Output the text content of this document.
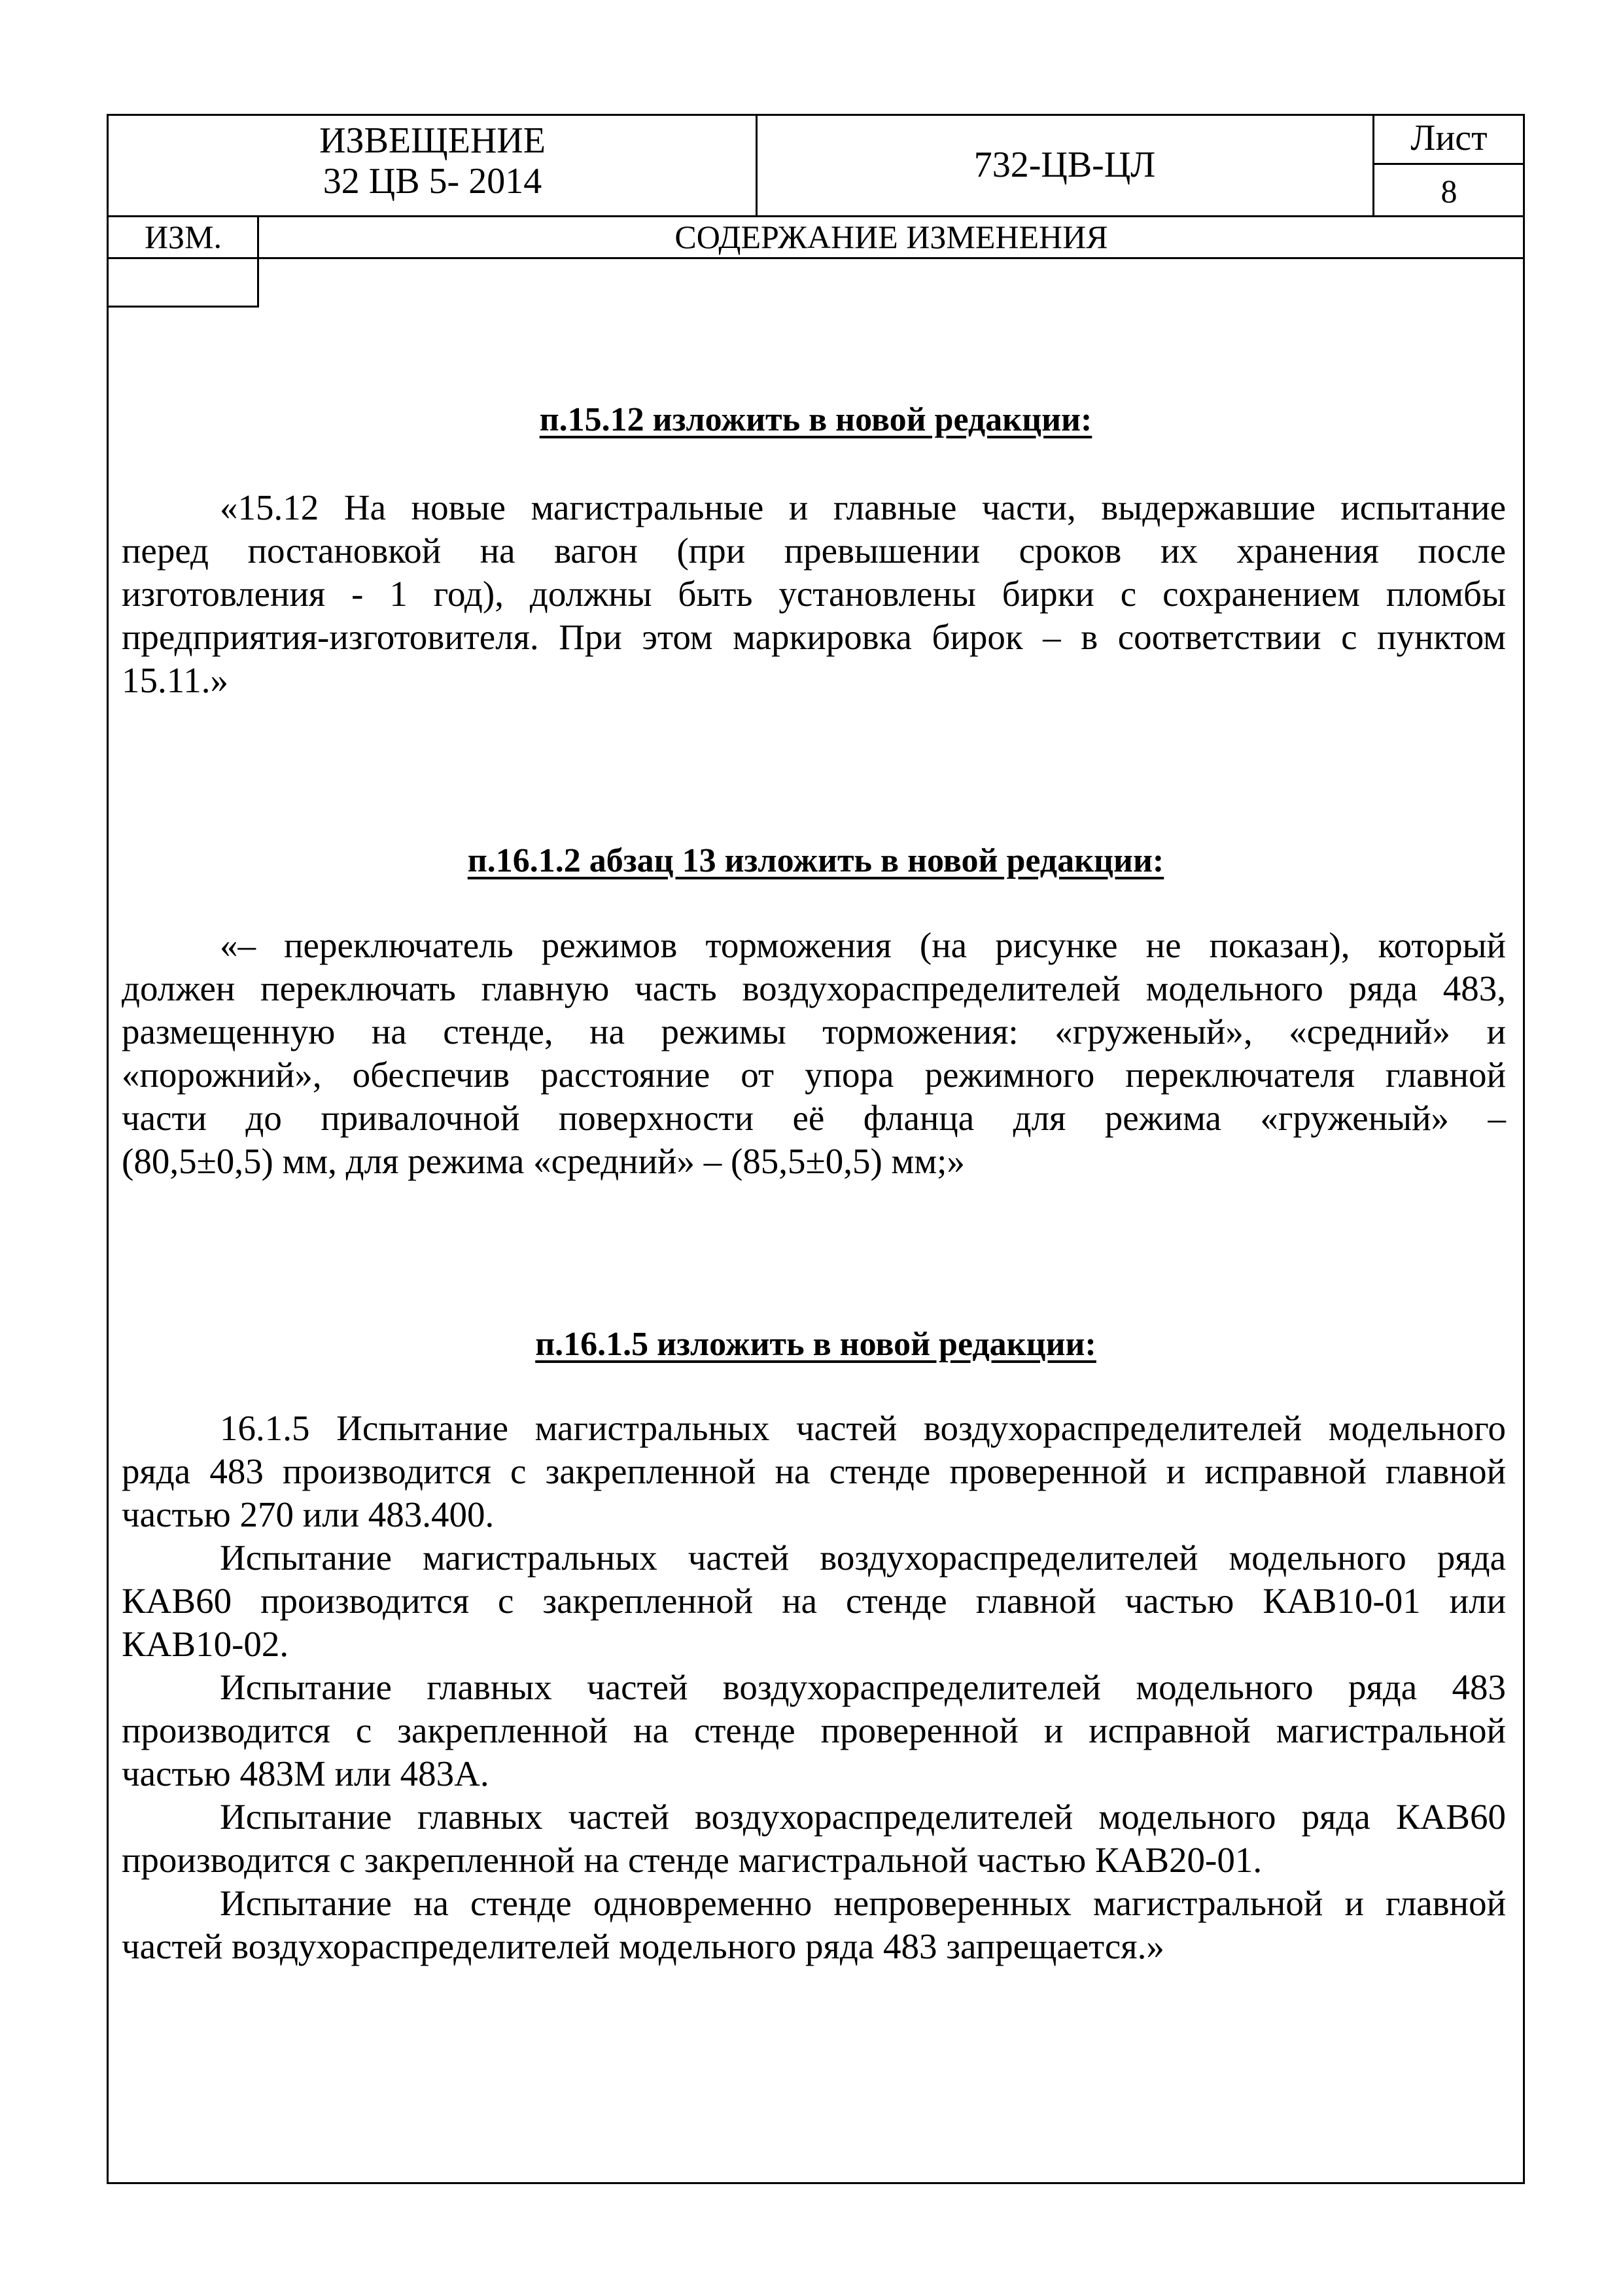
ИЗВЕЩЕНИЕ
32 ЦВ 5- 2014	732-ЦВ-ЦЛ
Лист
8
ИЗМ.	СОДЕРЖАНИЕ ИЗМЕНЕНИЯ
п.15.12 изложить в новой редакции:
«15.12 На новые магистральные и главные части, выдержавшие испытание
перед постановкой на вагон (при превышении сроков их хранения после
изготовления - 1 год), должны быть установлены бирки с сохранением пломбы
предприятия-изготовителя. При этом маркировка бирок – в соответствии с пунктом
15.11.»
п.16.1.2 абзац 13 изложить в новой редакции:
«– переключатель режимов торможения (на рисунке не показан), который
должен переключать главную часть воздухораспределителей модельного ряда 483,
размещенную на стенде, на режимы торможения: «груженый», «средний» и
«порожний», обеспечив расстояние от упора режимного переключателя главной
части до привалочной поверхности её фланца для режима «груженый» –
(80,5±0,5) мм, для режима «средний» – (85,5±0,5) мм;»
п.16.1.5 изложить в новой редакции:
16.1.5 Испытание магистральных частей воздухораспределителей модельного
ряда 483 производится с закрепленной на стенде проверенной и исправной главной
частью 270 или 483.400.
Испытание магистральных частей воздухораспределителей модельного ряда
КАВ60 производится с закрепленной на стенде главной частью КАВ10-01 или
КАВ10-02.
Испытание главных частей воздухораспределителей модельного ряда 483
производится с закрепленной на стенде проверенной и исправной магистральной
частью 483М или 483А.
Испытание главных частей воздухораспределителей модельного ряда КАВ60
производится с закрепленной на стенде магистральной частью КАВ20-01.
Испытание на стенде одновременно непроверенных магистральной и главной
частей воздухораспределителей модельного ряда 483 запрещается.»
